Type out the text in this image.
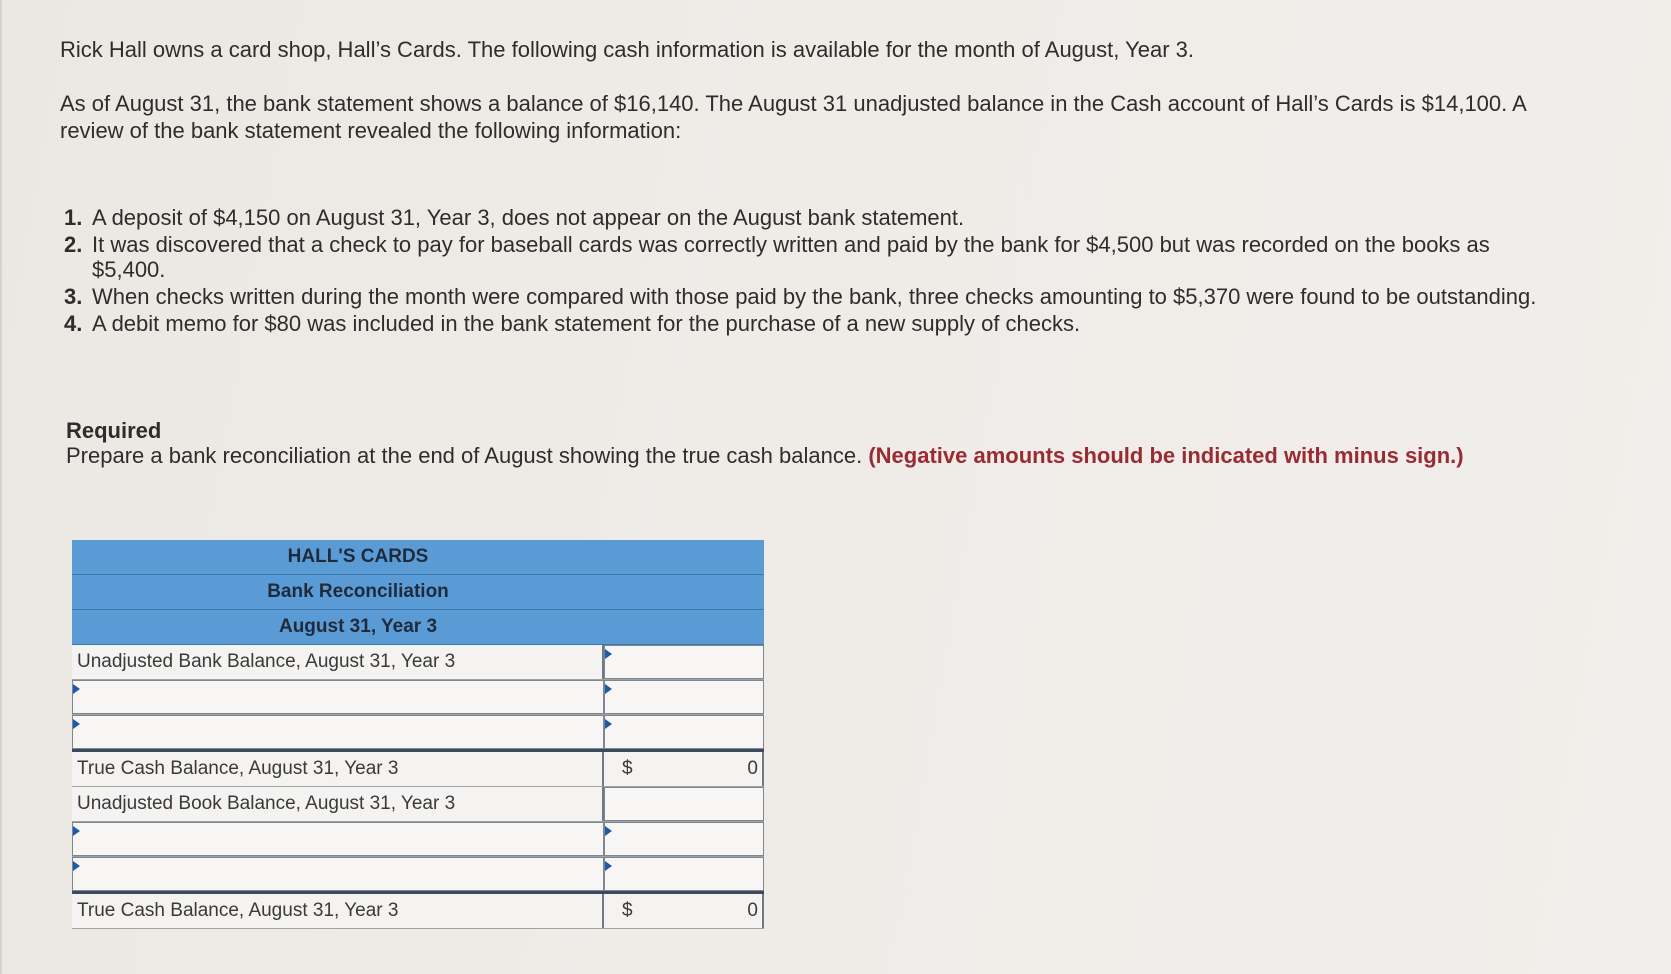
Rick Hall owns a card shop, Hall’s Cards. The following cash information is available for the month of August, Year 3.

As of August 31, the bank statement shows a balance of $16,140. The August 31 unadjusted balance in the Cash account of Hall’s Cards is $14,100. A review of the bank statement revealed the following information:

1. A deposit of $4,150 on August 31, Year 3, does not appear on the August bank statement.
2. It was discovered that a check to pay for baseball cards was correctly written and paid by the bank for $4,500 but was recorded on the books as $5,400.
3. When checks written during the month were compared with those paid by the bank, three checks amounting to $5,370 were found to be outstanding.
4. A debit memo for $80 was included in the bank statement for the purchase of a new supply of checks.
Required
Prepare a bank reconciliation at the end of August showing the true cash balance. (Negative amounts should be indicated with minus sign.)
HALL'S CARDS
Bank Reconciliation
August 31, Year 3
Unadjusted Bank Balance, August 31, Year 3
True Cash Balance, August 31, Year 3	$	0
Unadjusted Book Balance, August 31, Year 3
True Cash Balance, August 31, Year 3	$	0
